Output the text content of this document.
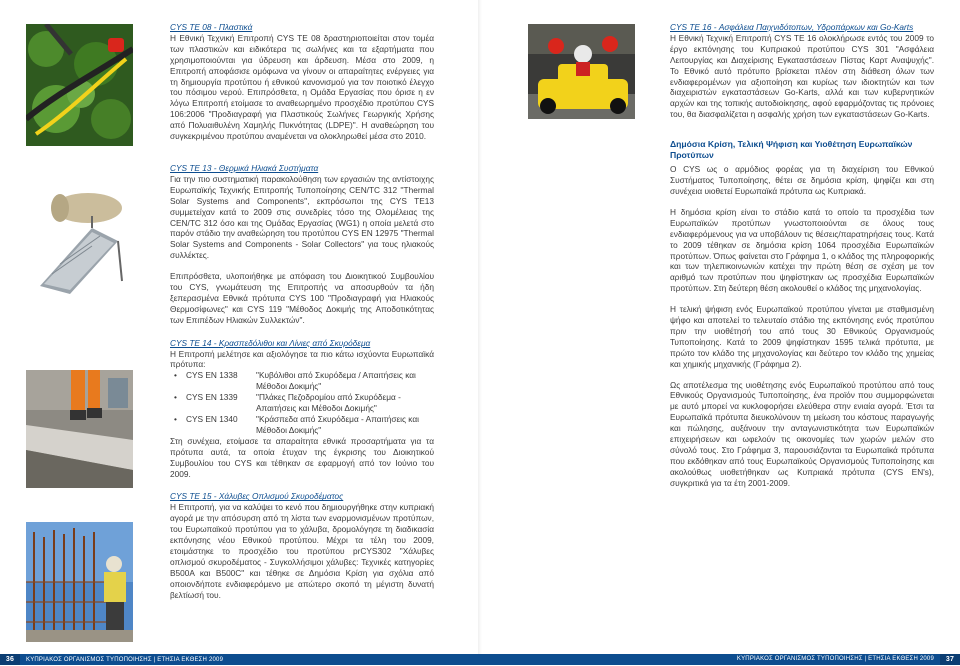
CYS TE 08 - Πλαστικά

Η Εθνική Τεχνική Επιτροπή CYS TE 08 δραστηριοποιείται στον τομέα των πλαστικών και ειδικότερα τις σωλήνες και τα εξαρτήματα που χρησιμοποιούνται για ύδρευση και άρδευση. Μέσα στο 2009, η Επιτροπή αποφάσισε ομόφωνα να γίνουν οι απαραίτητες ενέργειες για τη δημιουργία προτύπου ή εθνικού κανονισμού για τον ποιοτικό έλεγχο του πόσιμου νερού. Επιπρόσθετα, η Ομάδα Εργασίας που όρισε η εν λόγω Επιτροπή ετοίμασε το αναθεωρημένο προσχέδιο προτύπου CYS 106:2006 "Προδιαγραφή για Πλαστικούς Σωλήνες Γεωργικής Χρήσης από Πολυαιθυλένη Χαμηλής Πυκνότητας (LDPE)". Η αναθεώρηση του συγκεκριμένου προτύπου αναμένεται να ολοκληρωθεί μέσα στο 2010.

CYS TE 13 - Θερμικά Ηλιακά Συστήματα

Για την πιο συστηματική παρακολούθηση των εργασιών της αντίστοιχης Ευρωπαϊκής Τεχνικής Επιτροπής Τυποποίησης CEN/TC 312 ''Thermal Solar Systems and Components'', εκπρόσωποι της CYS TE13 συμμετείχαν κατά το 2009 στις συνεδρίες τόσο της Ολομέλειας της CEN/TC 312 όσο και της Ομάδας Εργασίας (WG1) η οποία μελετά στο παρόν στάδιο την αναθεώρηση του προτύπου CYS EN 12975 "Thermal Solar Systems and Components - Solar Collectors" για τους ηλιακούς συλλέκτες.

Επιπρόσθετα, υλοποιήθηκε με απόφαση του Διοικητικού Συμβουλίου του CYS, γνωμάτευση της Επιτροπής να αποσυρθούν τα ήδη ξεπερασμένα Εθνικά πρότυπα CYS 100 "Προδιαγραφή για Ηλιακούς Θερμοσίφωνες" και CYS 119 "Μέθοδος Δοκιμής της Αποδοτικότητας των Επιπέδων Ηλιακών Συλλεκτών".

CYS TE 14 - Κρασπεδόλιθοι και Λίνιες από Σκυρόδεμα

Η Επιτροπή μελέτησε και αξιολόγησε τα πιο κάτω ισχύοντα Ευρωπαϊκά πρότυπα:

•	CYS EN 1338	"Κυβόλιθοι από Σκυρόδεμα / Απαιτήσεις και Μέθοδοι Δοκιμής"
•	CYS EN 1339	"Πλάκες Πεζοδρομίου από Σκυρόδεμα - Απαιτήσεις και Μέθοδοι Δοκιμής"
•	CYS EN 1340	"Κράσπεδα από Σκυρόδεμα - Απαιτήσεις και Μέθοδοι Δοκιμής"

Στη συνέχεια, ετοίμασε τα απαραίτητα εθνικά προσαρτήματα για τα πρότυπα αυτά, τα οποία έτυχαν της έγκρισης του Διοικητικού Συμβουλίου του CYS και τέθηκαν σε εφαρμογή από τον Ιούνιο του 2009.

CYS TE 15 - Χάλυβες Οπλισμού Σκυροδέματος

Η Επιτροπή, για να καλύψει το κενό που δημιουργήθηκε στην κυπριακή αγορά με την απόσυρση από τη λίστα των εναρμονισμένων προτύπων, του Ευρωπαϊκού προτύπου για το χάλυβα, δρομολόγησε τη διαδικασία εκπόνησης νέου Εθνικού προτύπου. Μέχρι τα τέλη του 2009, ετοιμάστηκε το προσχέδιο του προτύπου prCYS302 "Χάλυβες οπλισμού σκυροδέματος - Συγκολλήσιμοι χάλυβες: Τεχνικές κατηγορίες B500A και B500C" και τέθηκε σε Δημόσια Κρίση για σχόλια από οποιονδήποτε ενδιαφερόμενο με απώτερο σκοπό τη μέγιστη δυνατή βελτίωσή του.

CYS TE 16 - Ασφάλεια Παιχνιδότοπων, Υδροπάρκων και Go-Karts

Η Εθνική Τεχνική Επιτροπή CYS TE 16 ολοκλήρωσε εντός του 2009 το έργο εκπόνησης του Κυπριακού προτύπου CYS 301 "Ασφάλεια Λειτουργίας και Διαχείρισης Εγκαταστάσεων Πίστας Καρτ Αναψυχής". Το Εθνικό αυτό πρότυπο βρίσκεται πλέον στη διάθεση όλων των ενδιαφερομένων για αξιοποίηση και κυρίως των ιδιοκτητών και των διαχειριστών εγκαταστάσεων Go-Karts, αλλά και των κυβερνητικών αρχών και της τοπικής αυτοδιοίκησης, αφού εφαρμόζοντας τις πρόνοιες του, θα διασφαλίζεται η ασφαλής χρήση των εγκαταστάσεων Go-Karts.

Δημόσια Κρίση, Τελική Ψήφιση και Υιοθέτηση Ευρωπαϊκών Προτύπων

Ο CYS ως ο αρμόδιος φορέας για τη διαχείριση του Εθνικού Συστήματος Τυποποίησης, θέτει σε δημόσια κρίση, ψηφίζει και στη συνέχεια υιοθετεί Ευρωπαϊκά πρότυπα ως Κυπριακά.

Η δημόσια κρίση είναι το στάδιο κατά το οποίο τα προσχέδια των Ευρωπαϊκών προτύπων γνωστοποιούνται σε όλους τους ενδιαφερόμενους για να υποβάλουν τις θέσεις/παρατηρήσεις τους. Κατά το 2009 τέθηκαν σε δημόσια κρίση 1064 προσχέδια Ευρωπαϊκών προτύπων. Όπως φαίνεται στο Γράφημα 1, ο κλάδος της πληροφορικής και των τηλεπικοινωνιών κατέχει την πρώτη θέση σε σχέση με τον αριθμό των προτύπων που ψηφίστηκαν ως προσχέδια Ευρωπαϊκών προτύπων. Στη δεύτερη θέση ακολουθεί ο κλάδος της μηχανολογίας.

Η τελική ψήφιση ενός Ευρωπαϊκού προτύπου γίνεται με σταθμισμένη ψήφο και αποτελεί το τελευταίο στάδιο της εκπόνησης ενός προτύπου πριν την υιοθέτησή του από τους 30 Εθνικούς Οργανισμούς Τυποποίησης. Κατά το 2009 ψηφίστηκαν 1595 τελικά πρότυπα, με πρώτο τον κλάδο της μηχανολογίας και δεύτερο τον κλάδο της χημείας και χημικής μηχανικής (Γράφημα 2).

Ως αποτέλεσμα της υιοθέτησης ενός Ευρωπαϊκού προτύπου από τους Εθνικούς Οργανισμούς Τυποποίησης, ένα προϊόν που συμμορφώνεται με αυτό μπορεί να κυκλοφορήσει ελεύθερα στην ενιαία αγορά. Έτσι τα Ευρωπαϊκά πρότυπα διευκολύνουν τη μείωση του κόστους παραγωγής και πώλησης, αυξάνουν την ανταγωνιστικότητα των Ευρωπαϊκών επιχειρήσεων και ωφελούν τις οικονομίες των χωρών μελών στο σύνολό τους. Στο Γράφημα 3, παρουσιάζονται τα Ευρωπαϊκά πρότυπα που εκδόθηκαν από τους Ευρωπαϊκούς Οργανισμούς Τυποποίησης και ακολούθως υιοθετήθηκαν ως Κυπριακά πρότυπα (CYS EN's), συγκριτικά για τα έτη 2001-2009.

36 ΚΥΠΡΙΑΚΟΣ ΟΡΓΑΝΙΣΜΟΣ ΤΥΠΟΠΟΙΗΣΗΣ | ΕΤΗΣΙΑ ΕΚΘΕΣΗ 2009	37
ΚΥΠΡΙΑΚΟΣ ΟΡΓΑΝΙΣΜΟΣ ΤΥΠΟΠΟΙΗΣΗΣ | ΕΤΗΣΙΑ ΕΚΘΕΣΗ 2009
